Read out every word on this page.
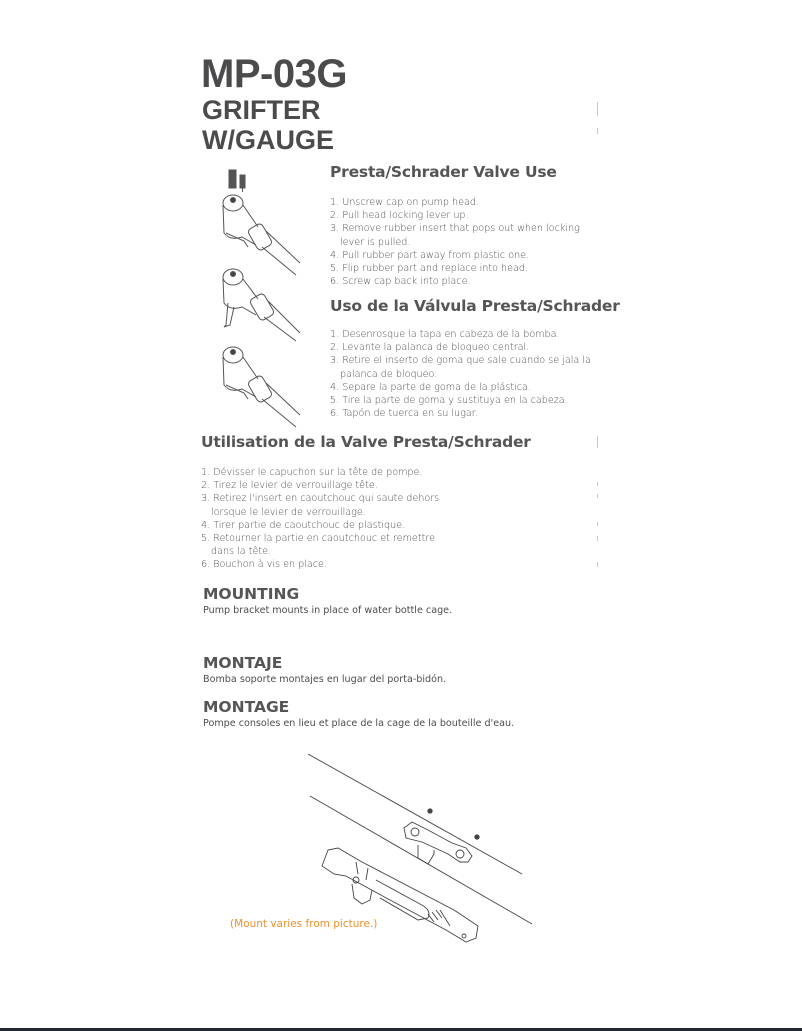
MP-03G
GRIFTER
W/GAUGE
Presta/Schrader Valve Use
1. Unscrew cap on pump head.
2. Pull head locking lever up.
3. Remove rubber insert that pops out when locking lever is pulled.
4. Pull rubber part away from plastic one.
5. Flip rubber part and replace into head.
6. Screw cap back into place.
Uso de la Válvula Presta/Schrader
1. Desenrosque la tapa en cabeza de la bomba.
2. Levante la palanca de bloqueo central.
3. Retire el inserto de goma que sale cuando se jala la palanca de bloqueo.
4. Separe la parte de goma de la plástica.
5. Tire la parte de goma y sustituya en la cabeza.
6. Tapón de tuerca en su lugar.
Utilisation de la Valve Presta/Schrader
1. Dévisser le capuchon sur la tête de pompe.
2. Tirez le levier de verrouillage tête.
3. Retirez l'insert en caoutchouc qui saute dehors lorsque le levier de verrouillage.
4. Tirer partie de caoutchouc de plastique.
5. Retourner la partie en caoutchouc et remettre dans la tête.
6. Bouchon à vis en place.
MOUNTING
Pump bracket mounts in place of water bottle cage.
MONTAJE
Bomba soporte montajes en lugar del porta-bidón.
MONTAGE
Pompe consoles en lieu et place de la cage de la bouteille d'eau.
(Mount varies from picture.)
